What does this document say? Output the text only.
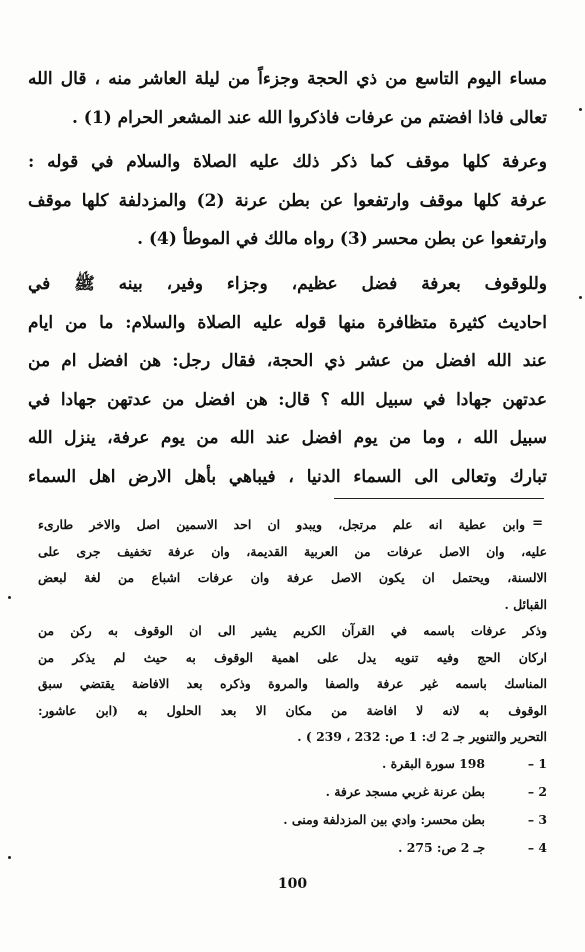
مساء اليوم التاسع من ذي الحجة وجزءاً من ليلة العاشر منه ، قال الله
تعالى فاذا افضتم من عرفات فاذكروا الله عند المشعر الحرام (1) .

وعرفة كلها موقف كما ذكر ذلك عليه الصلاة والسلام في قوله :
عرفة كلها موقف وارتفعوا عن بطن عرنة (2) والمزدلفة كلها موقف
وارتفعوا عن بطن محسر (3) رواه مالك في الموطأ (4) .

وللوقوف بعرفة فضل عظيم، وجزاء وفير، بينه ﷺ في
احاديث كثيرة متظافرة منها قوله عليه الصلاة والسلام: ما من ايام
عند الله افضل من عشر ذي الحجة، فقال رجل: هن افضل ام من
عدتهن جهادا في سبيل الله ؟ قال: هن افضل من عدتهن جهادا في
سبيل الله ، وما من يوم افضل عند الله من يوم عرفة، ينزل الله
تبارك وتعالى الى السماء الدنيا ، فيباهي بأهل الارض اهل السماء

=
وابن عطية انه علم مرتجل، ويبدو ان احد الاسمين اصل والاخر طارىء
عليه، وان الاصل عرفات من العربية القديمة، وان عرفة تخفيف جرى على
الالسنة، ويحتمل ان يكون الاصل عرفة وان عرفات اشباع من لغة لبعض
القبائل .
وذكر عرفات باسمه في القرآن الكريم يشير الى ان الوقوف به ركن من
اركان الحج وفيه تنويه يدل على اهمية الوقوف به حيث لم يذكر من
المناسك باسمه غير عرفة والصفا والمروة وذكره بعد الافاضة يقتضي سبق
الوقوف به لانه لا افاضة من مكان الا بعد الحلول به (ابن عاشور:
التحرير والتنوير جـ 2 ك: 1 ص: 232 ، 239 ) .
1 –
198 سورة البقرة .
2 –
بطن عرنة غربي مسجد عرفة .
3 –
بطن محسر: وادي بين المزدلفة ومنى .
4 –
جـ 2 ص: 275 .
100
